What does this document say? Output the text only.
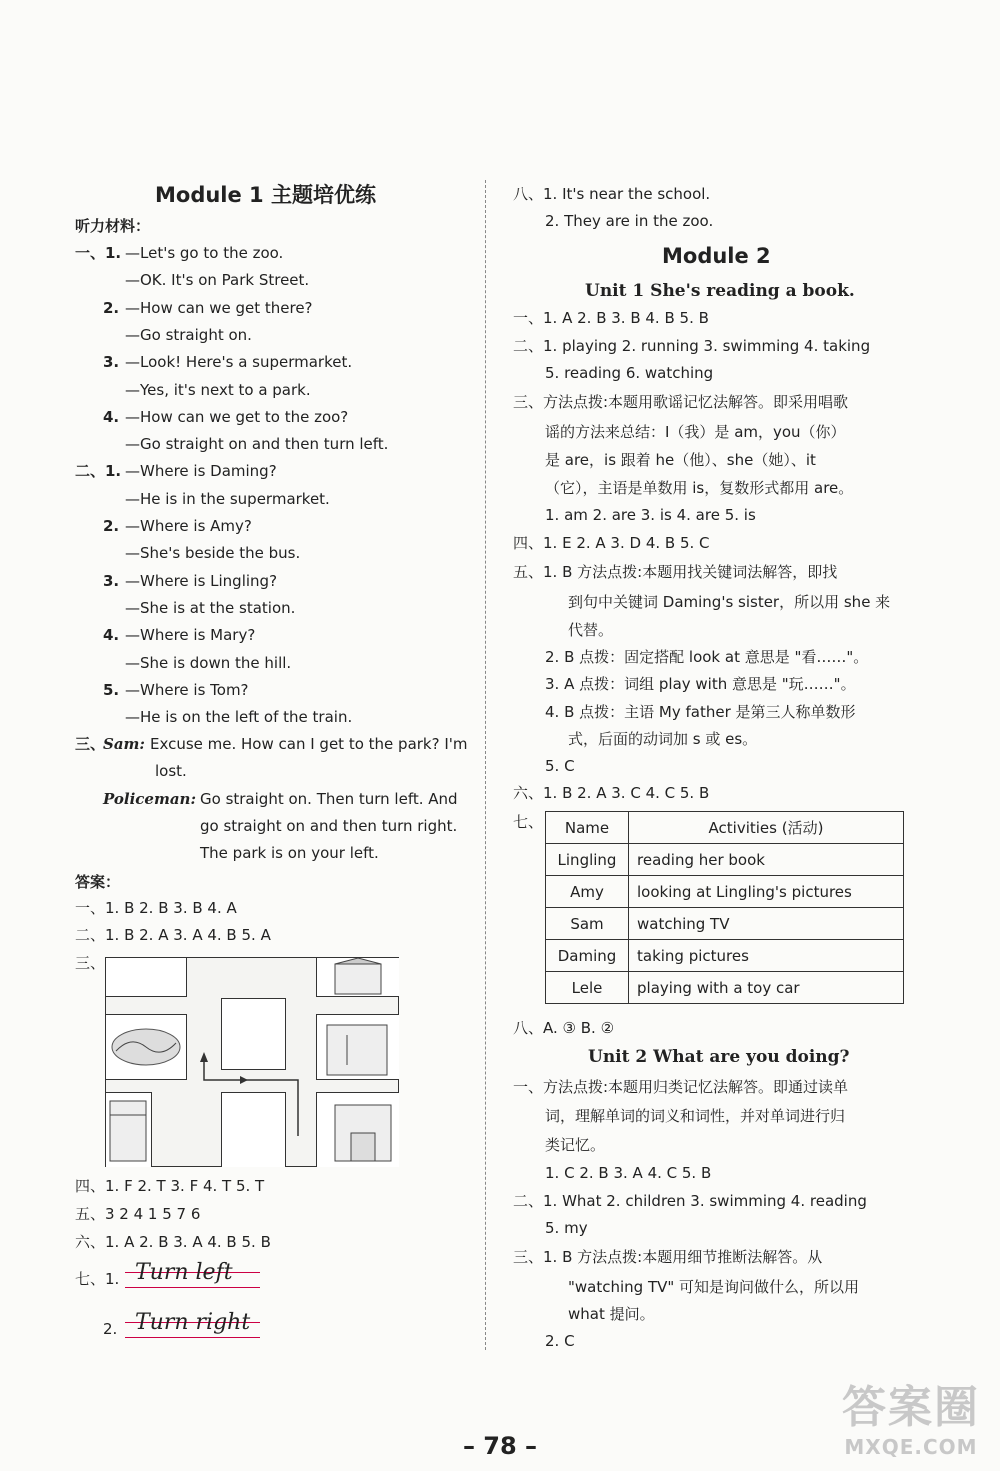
Module 1 主题培优练
听力材料：
一、1. —Let's go to the zoo.
—OK. It's on Park Street.
2. —How can we get there?
—Go straight on.
3. —Look! Here's a supermarket.
—Yes, it's next to a park.
4. —How can we get to the zoo?
—Go straight on and then turn left.
二、1. —Where is Daming?
—He is in the supermarket.
2. —Where is Amy?
—She's beside the bus.
3. —Where is Lingling?
—She is at the station.
4. —Where is Mary?
—She is down the hill.
5. —Where is Tom?
—He is on the left of the train.
三、
Sam: Excuse me. How can I get to the park? I'm
lost.
Policeman: Go straight on. Then turn left. And
go straight on and then turn right.
The park is on your left.
答案：
一、1. B 2. B 3. B 4. A
二、1. B 2. A 3. A 4. B 5. A
三、
四、1. F 2. T 3. F 4. T 5. T
五、3 2 4 1 5 7 6
六、1. A 2. B 3. A 4. B 5. B
七、1. Turn left
2. Turn right
八、1. It's near the school.
2. They are in the zoo.
Module 2
Unit 1 She's reading a book.
一、1. A 2. B 3. B 4. B 5. B
二、1. playing 2. running 3. swimming 4. taking
5. reading 6. watching
三、方法点拨:本题用歌谣记忆法解答。即采用唱歌
谣的方法来总结：I（我）是 am，you（你）
是 are，is 跟着 he（他）、she（她）、it
（它），主语是单数用 is，复数形式都用 are。
1. am 2. are 3. is 4. are 5. is
四、1. E 2. A 3. D 4. B 5. C
五、1. B 方法点拨:本题用找关键词法解答，即找
到句中关键词 Daming's sister，所以用 she 来
代替。
2. B 点拨：固定搭配 look at 意思是 "看……"。
3. A 点拨：词组 play with 意思是 "玩……"。
4. B 点拨：主语 My father 是第三人称单数形
式，后面的动词加 s 或 es。
5. C
六、1. B 2. A 3. C 4. C 5. B
七、 Name	Activities (活动)
Lingling	reading her book
Amy	looking at Lingling's pictures
Sam	watching TV
Daming	taking pictures
Lele	playing with a toy car
八、A. ③ B. ②
Unit 2 What are you doing?
一、方法点拨:本题用归类记忆法解答。即通过读单
词，理解单词的词义和词性，并对单词进行归
类记忆。
1. C 2. B 3. A 4. C 5. B
二、1. What 2. children 3. swimming 4. reading
5. my
三、1. B 方法点拨:本题用细节推断法解答。从
"watching TV" 可知是询问做什么，所以用
what 提问。
2. C
– 78 –
答案圈
MXQE.COM
